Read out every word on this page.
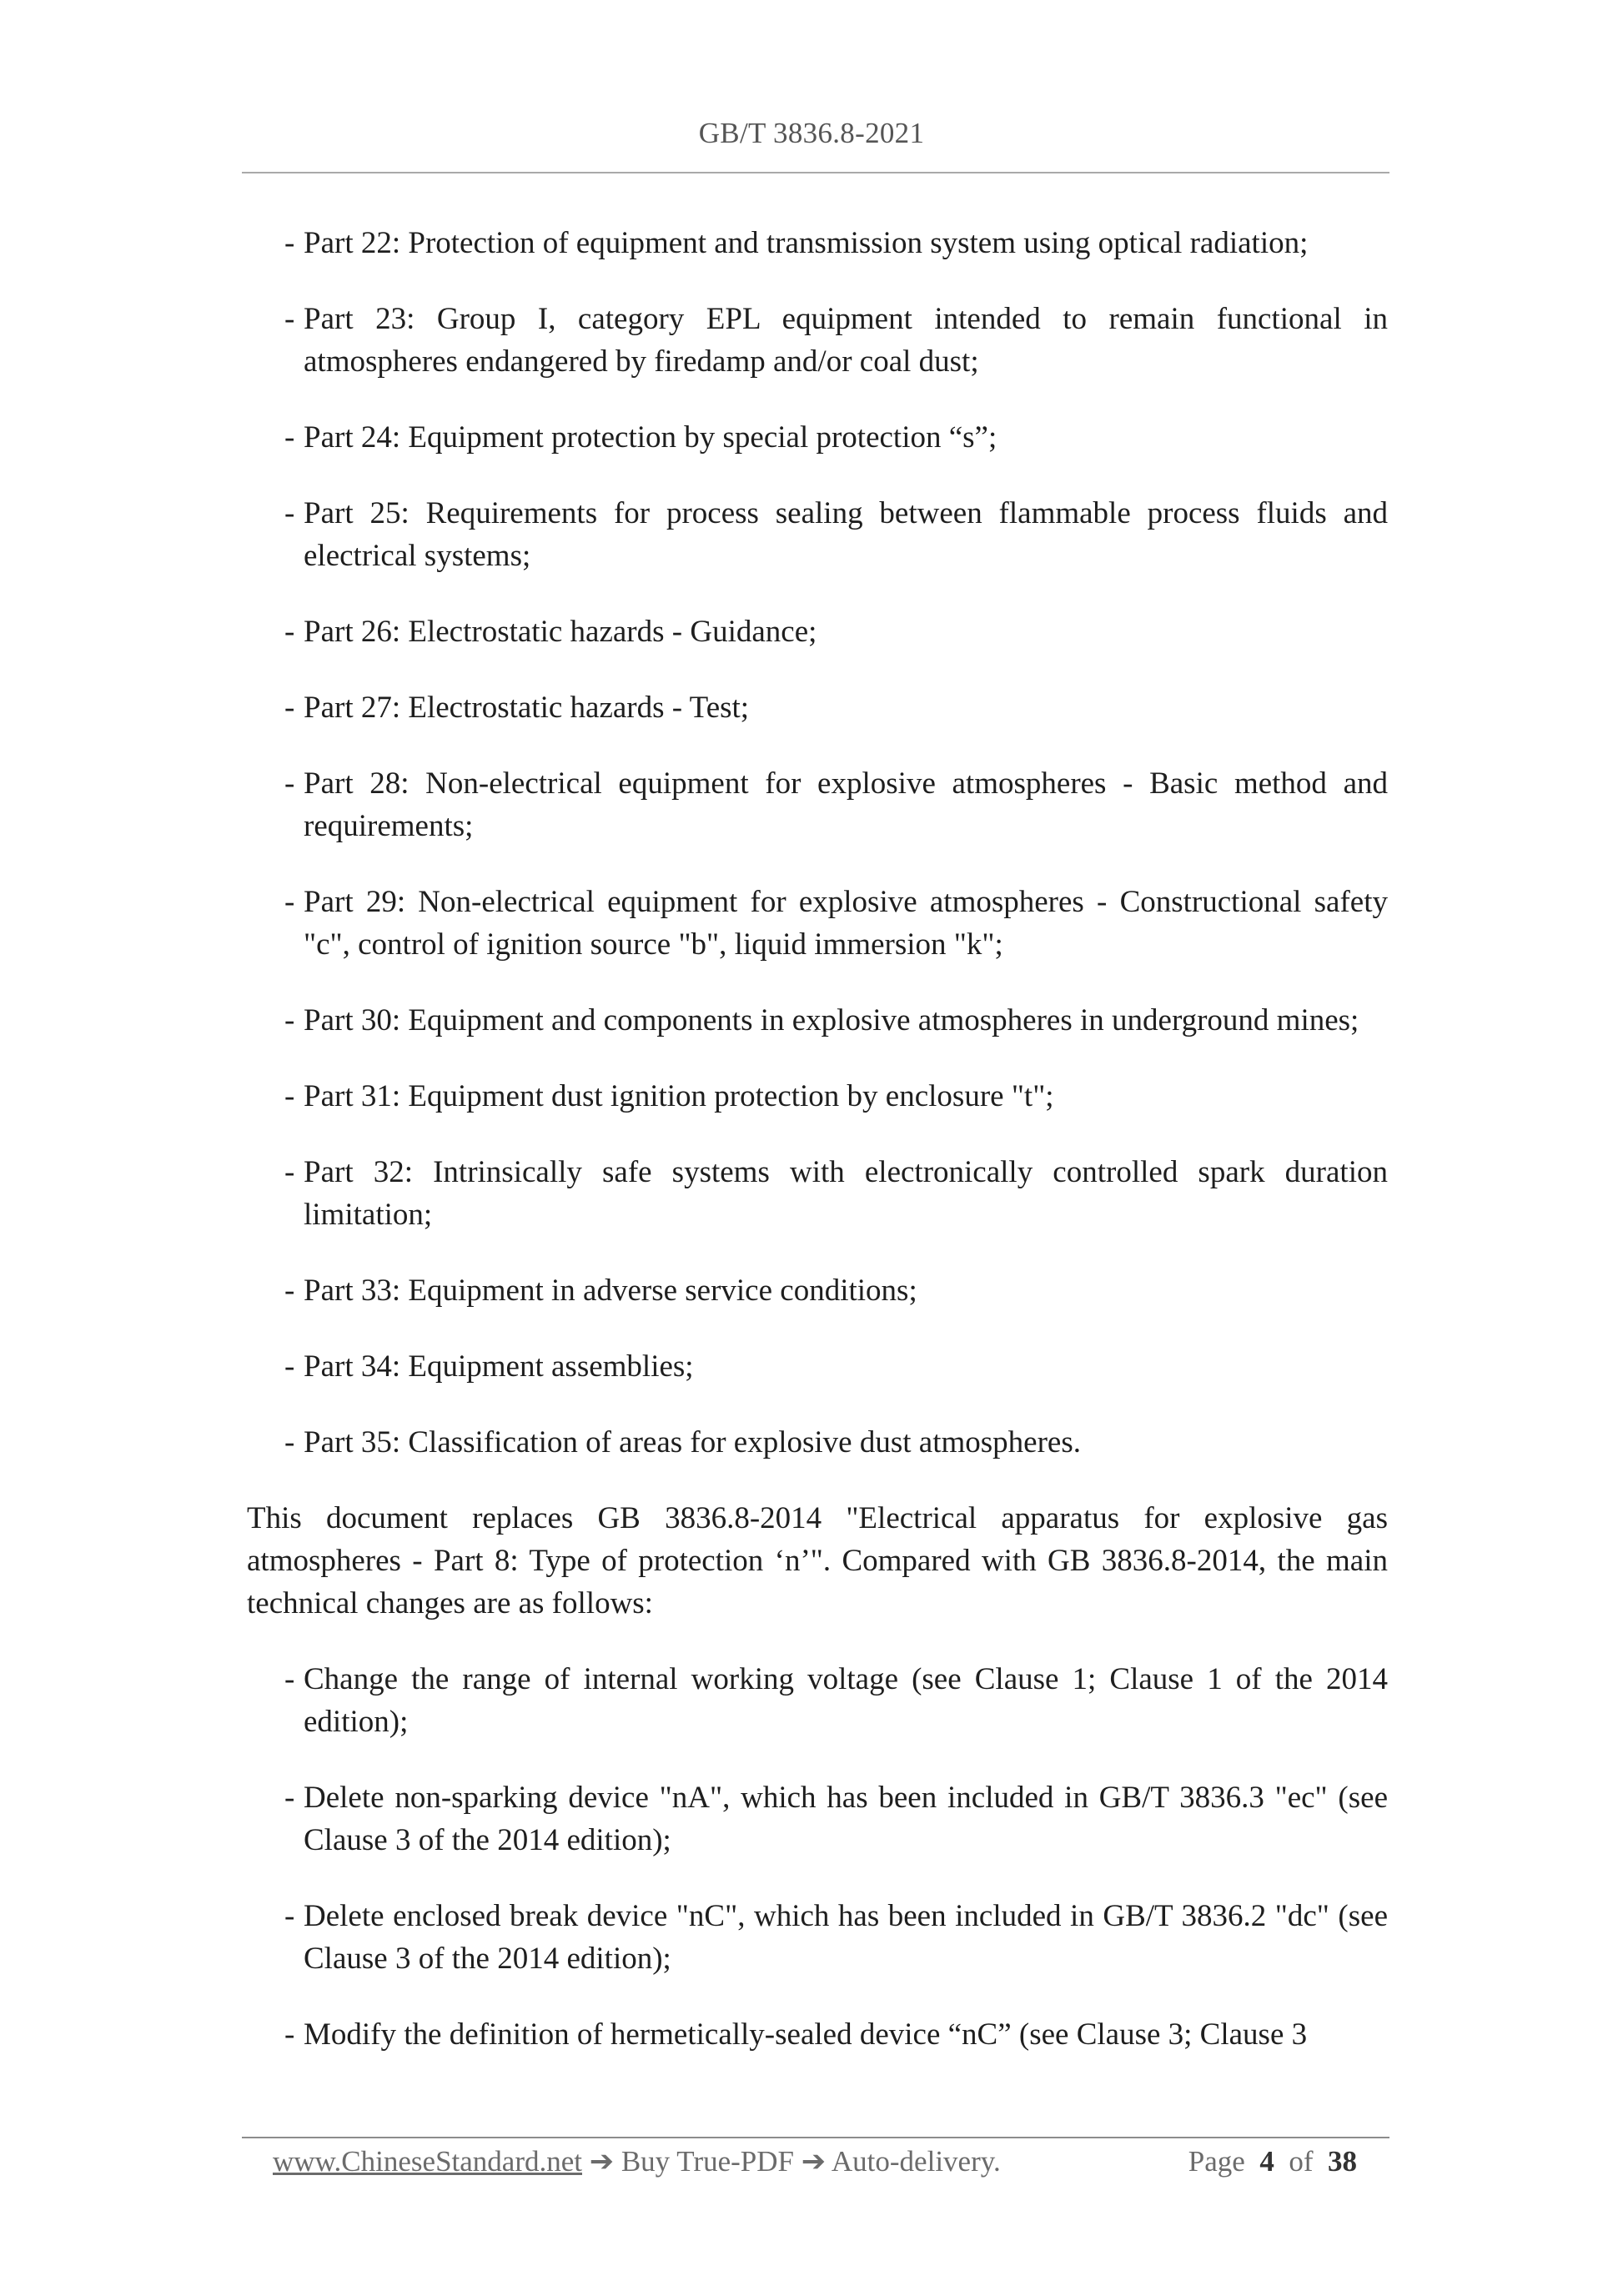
GB/T 3836.8-2021
- Part 22: Protection of equipment and transmission system using optical radiation;
- Part 23: Group I, category EPL equipment intended to remain functional in atmospheres endangered by firedamp and/or coal dust;
- Part 24: Equipment protection by special protection “s”;
- Part 25: Requirements for process sealing between flammable process fluids and electrical systems;
- Part 26: Electrostatic hazards - Guidance;
- Part 27: Electrostatic hazards - Test;
- Part 28: Non-electrical equipment for explosive atmospheres - Basic method and requirements;
- Part 29: Non-electrical equipment for explosive atmospheres - Constructional safety "c", control of ignition source "b", liquid immersion "k";
- Part 30: Equipment and components in explosive atmospheres in underground mines;
- Part 31: Equipment dust ignition protection by enclosure "t";
- Part 32: Intrinsically safe systems with electronically controlled spark duration limitation;
- Part 33: Equipment in adverse service conditions;
- Part 34: Equipment assemblies;
- Part 35: Classification of areas for explosive dust atmospheres.

This document replaces GB 3836.8-2014 "Electrical apparatus for explosive gas atmospheres - Part 8: Type of protection ‘n’". Compared with GB 3836.8-2014, the main technical changes are as follows:

- Change the range of internal working voltage (see Clause 1; Clause 1 of the 2014 edition);
- Delete non-sparking device "nA", which has been included in GB/T 3836.3 "ec" (see Clause 3 of the 2014 edition);
- Delete enclosed break device "nC", which has been included in GB/T 3836.2 "dc" (see Clause 3 of the 2014 edition);
- Modify the definition of hermetically-sealed device “nC” (see Clause 3; Clause 3
www.ChineseStandard.net ➔ Buy True-PDF ➔ Auto-delivery.	Page 4 of 38
